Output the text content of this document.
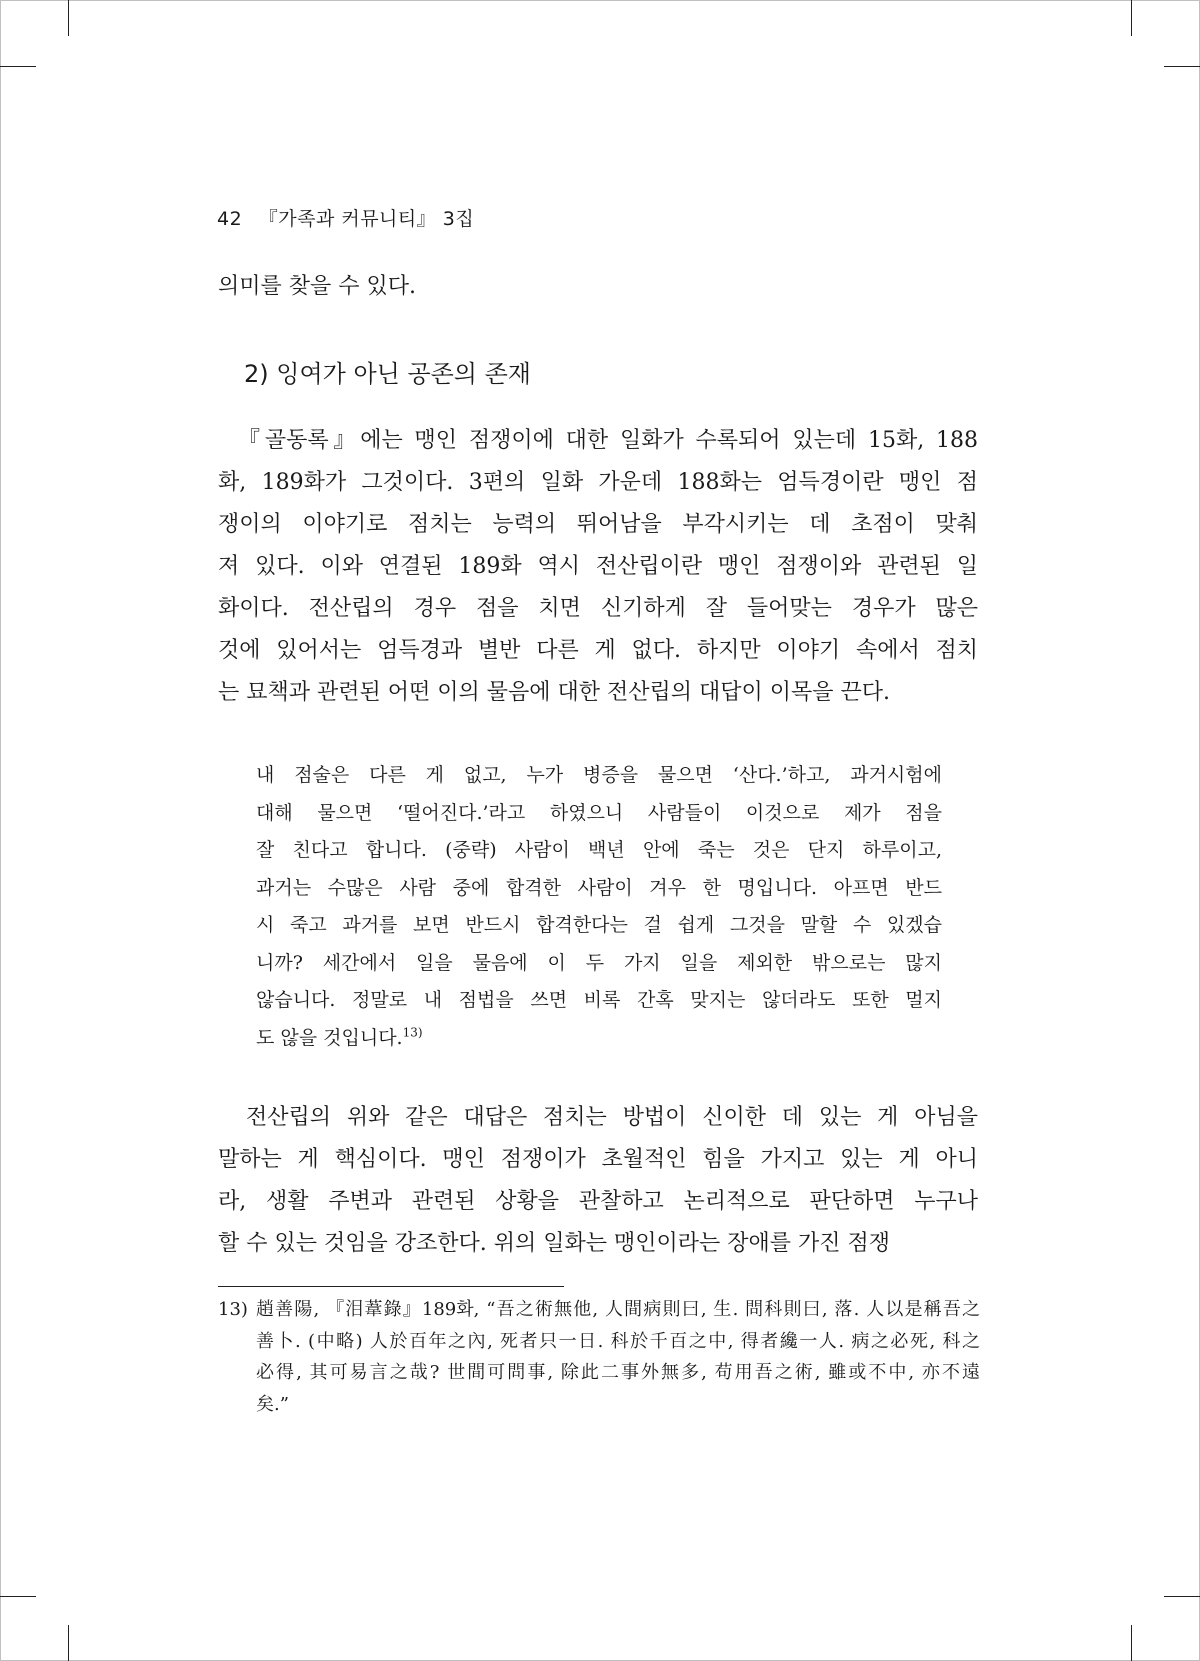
42 『가족과 커뮤니티』 3집
의미를 찾을 수 있다.
2) 잉여가 아닌 공존의 존재
『골동록』에는 맹인 점쟁이에 대한 일화가 수록되어 있는데 15화, 188
화, 189화가 그것이다. 3편의 일화 가운데 188화는 엄득경이란 맹인 점
쟁이의 이야기로 점치는 능력의 뛰어남을 부각시키는 데 초점이 맞춰
져 있다. 이와 연결된 189화 역시 전산립이란 맹인 점쟁이와 관련된 일
화이다. 전산립의 경우 점을 치면 신기하게 잘 들어맞는 경우가 많은
것에 있어서는 엄득경과 별반 다른 게 없다. 하지만 이야기 속에서 점치
는 묘책과 관련된 어떤 이의 물음에 대한 전산립의 대답이 이목을 끈다.
내 점술은 다른 게 없고, 누가 병증을 물으면 ‘산다.’하고, 과거시험에
대해 물으면 ‘떨어진다.’라고 하였으니 사람들이 이것으로 제가 점을
잘 친다고 합니다. (중략) 사람이 백년 안에 죽는 것은 단지 하루이고,
과거는 수많은 사람 중에 합격한 사람이 겨우 한 명입니다. 아프면 반드
시 죽고 과거를 보면 반드시 합격한다는 걸 쉽게 그것을 말할 수 있겠습
니까? 세간에서 일을 물음에 이 두 가지 일을 제외한 밖으로는 많지
않습니다. 정말로 내 점법을 쓰면 비록 간혹 맞지는 않더라도 또한 멀지
도 않을 것입니다.$^{13)}$
전산립의 위와 같은 대답은 점치는 방법이 신이한 데 있는 게 아님을
말하는 게 핵심이다. 맹인 점쟁이가 초월적인 힘을 가지고 있는 게 아니
라, 생활 주변과 관련된 상황을 관찰하고 논리적으로 판단하면 누구나
할 수 있는 것임을 강조한다. 위의 일화는 맹인이라는 장애를 가진 점쟁
13) 趙善陽, 『泪葦錄』189화, “吾之術無他, 人間病則曰, 生. 問科則曰, 落. 人以是稱吾之
善卜. (中略) 人於百年之內, 死者只一日. 科於千百之中, 得者纔一人. 病之必死, 科之
必得, 其可易言之哉? 世間可問事, 除此二事外無多, 苟用吾之術, 雖或不中, 亦不遠
矣.”
